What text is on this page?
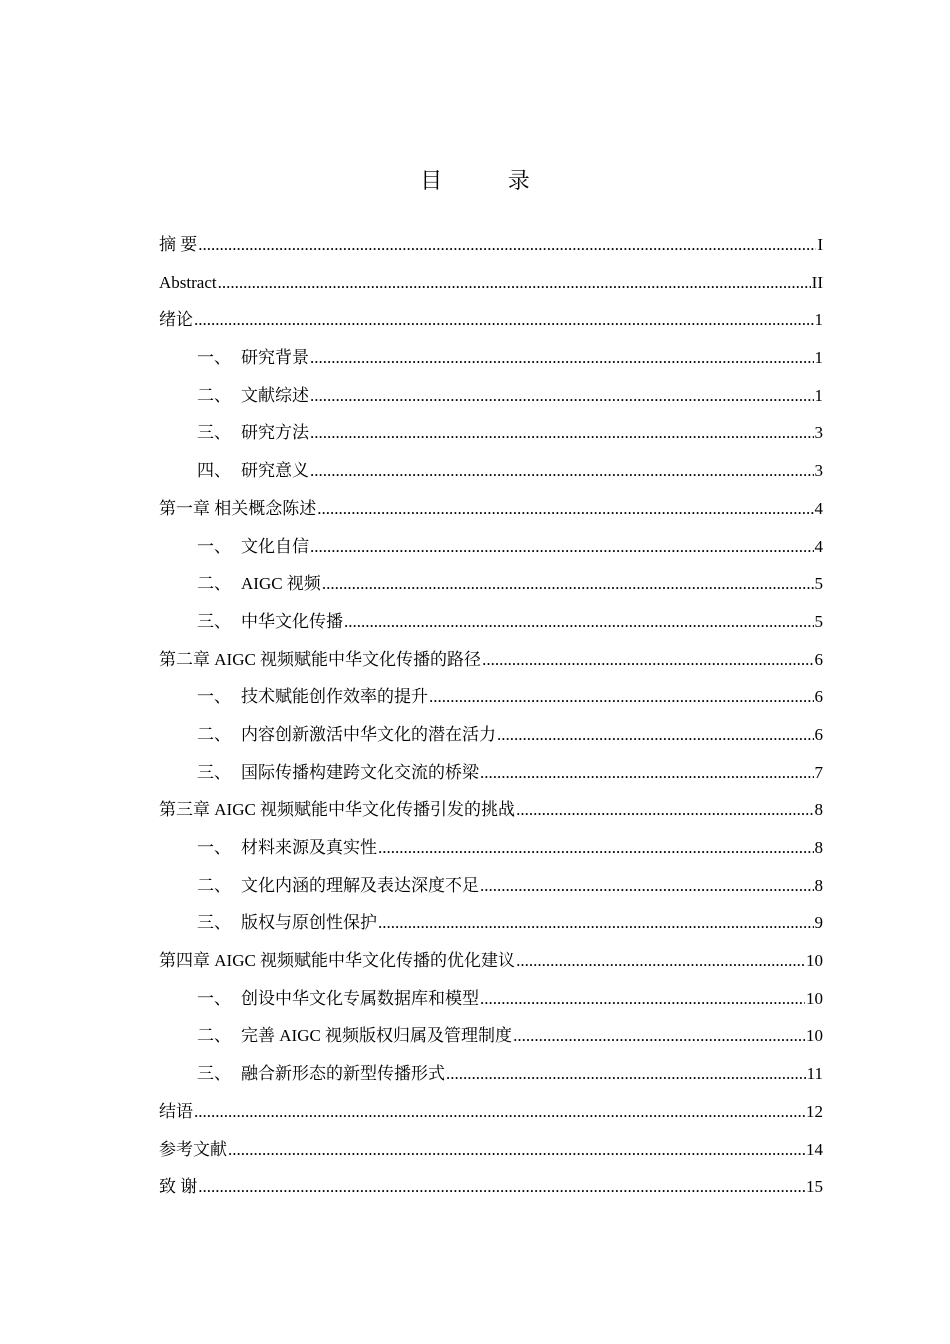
目 录
摘 要 .....	I
Abstract .....	II
绪论 .....	1
一、 研究背景 .....	1
二、 文献综述 .....	1
三、 研究方法 .....	3
四、 研究意义 .....	3
第一章 相关概念陈述 .....	4
一、 文化自信 .....	4
二、 AIGC 视频 .....	5
三、 中华文化传播 .....	5
第二章 AIGC 视频赋能中华文化传播的路径 .....	6
一、 技术赋能创作效率的提升 .....	6
二、 内容创新激活中华文化的潜在活力 .....	6
三、 国际传播构建跨文化交流的桥梁 .....	7
第三章 AIGC 视频赋能中华文化传播引发的挑战 .....	8
一、 材料来源及真实性 .....	8
二、 文化内涵的理解及表达深度不足 .....	8
三、 版权与原创性保护 .....	9
第四章 AIGC 视频赋能中华文化传播的优化建议 .....	10
一、 创设中华文化专属数据库和模型 .....	10
二、 完善 AIGC 视频版权归属及管理制度 .....	10
三、 融合新形态的新型传播形式 .....	11
结语 .....	12
参考文献 .....	14
致 谢 .....	15
